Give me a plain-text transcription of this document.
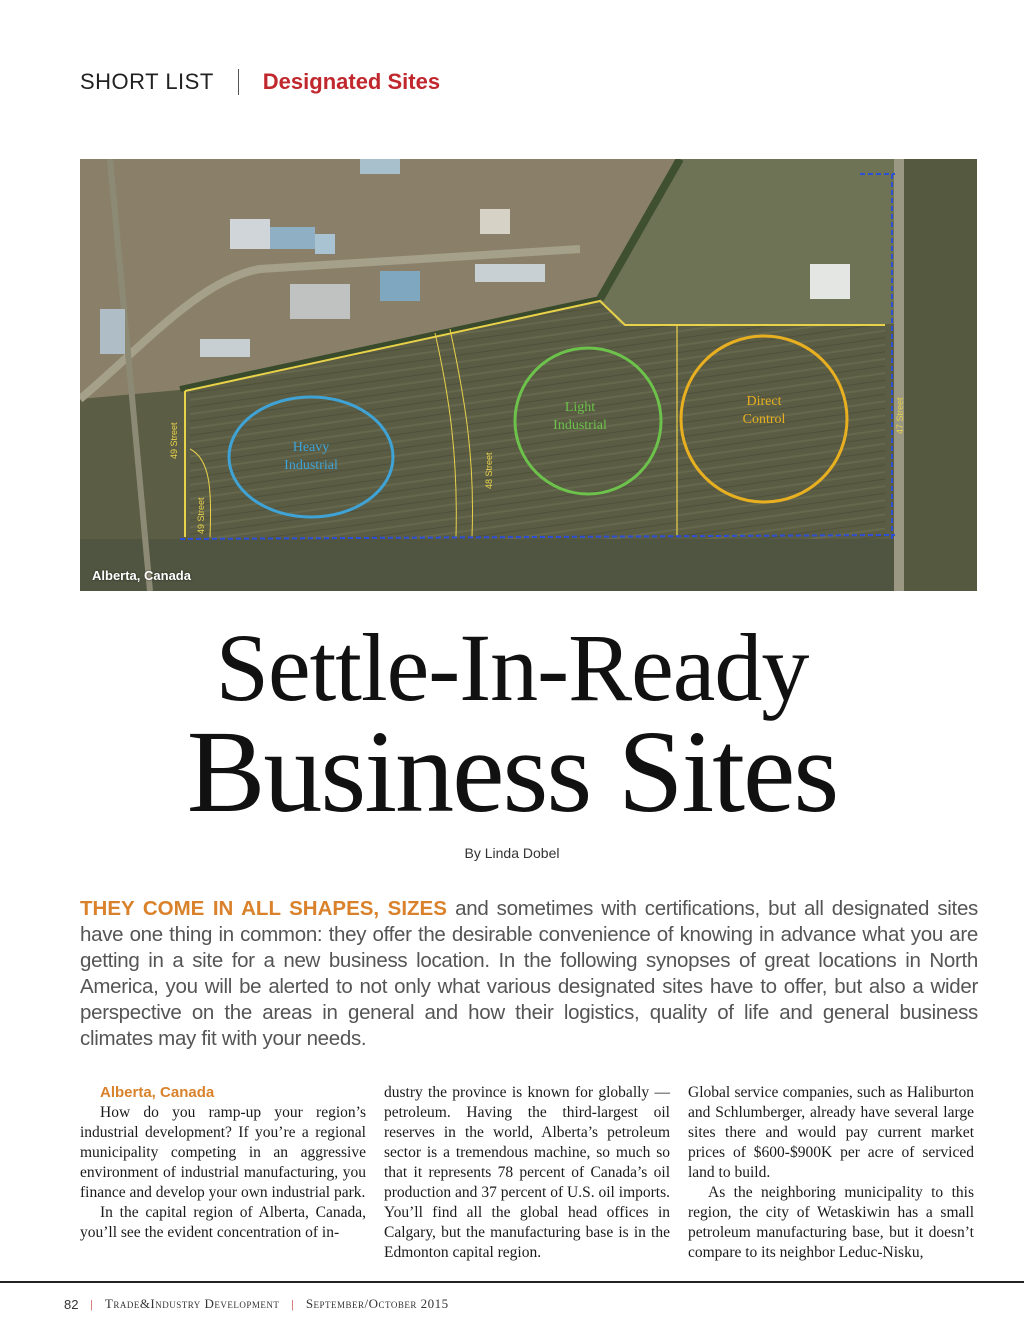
SHORT LIST Designated Sites
Heavy
Industrial
Light
Industrial
Direct
Control
49 Street
49 Street
48 Street
47 Street
Alberta, Canada
Settle-In-Ready
Business Sites
By Linda Dobel
THEY COME IN ALL SHAPES, SIZES and sometimes with certifications, but all designated sites have one thing in common: they offer the desirable convenience of knowing in advance what you are getting in a site for a new business location. In the following synopses of great locations in North America, you will be alerted to not only what various designated sites have to offer, but also a wider perspective on the areas in general and how their logistics, quality of life and general business climates may fit with your needs.

Alberta, Canada

How do you ramp-up your region’s industrial development? If you’re a regional municipality competing in an aggressive environment of industrial manufacturing, you finance and develop your own industrial park.

In the capital region of Alberta, Canada, you’ll see the evident concentration of in-

dustry the province is known for globally — petroleum. Having the third-largest oil reserves in the world, Alberta’s petroleum sector is a tremendous machine, so much so that it represents 78 percent of Canada’s oil production and 37 percent of U.S. oil imports. You’ll find all the global head offices in Calgary, but the manufacturing base is in the Edmonton capital region.

Global service companies, such as Haliburton and Schlumberger, already have several large sites there and would pay current market prices of $600-$900K per acre of serviced land to build.

As the neighboring municipality to this region, the city of Wetaskiwin has a small petroleum manufacturing base, but it doesn’t compare to its neighbor Leduc-Nisku,

82 | Trade&Industry Development | September/October 2015
